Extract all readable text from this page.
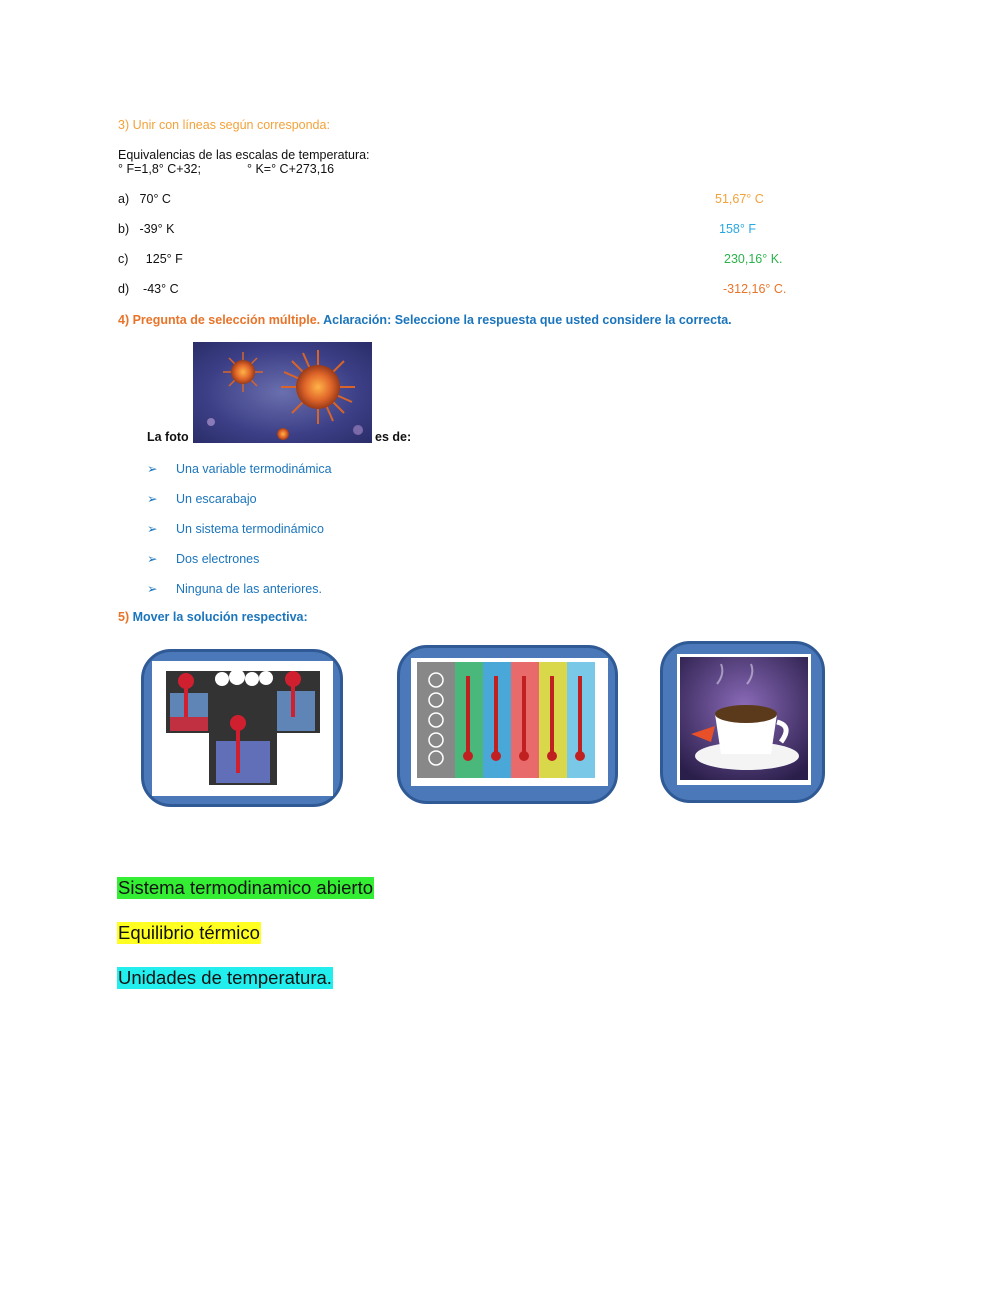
3) Unir con líneas según corresponda:
Equivalencias de las escalas de temperatura:
° F=1,8° C+32;	° K=° C+273,16
a) 70° C	51,67° C
b) -39° K	158° F
c) 125° F	230,16° K.
d) -43° C	-312,16° C.
4) Pregunta de selección múltiple. Aclaración: Seleccione la respuesta que usted considere la correcta.
La foto	es de:
➢ Una variable termodinámica
➢ Un escarabajo
➢ Un sistema termodinámico
➢ Dos electrones
➢ Ninguna de las anteriores.
5) Mover la solución respectiva:
Sistema termodinamico abierto
Equilibrio térmico
Unidades de temperatura.
